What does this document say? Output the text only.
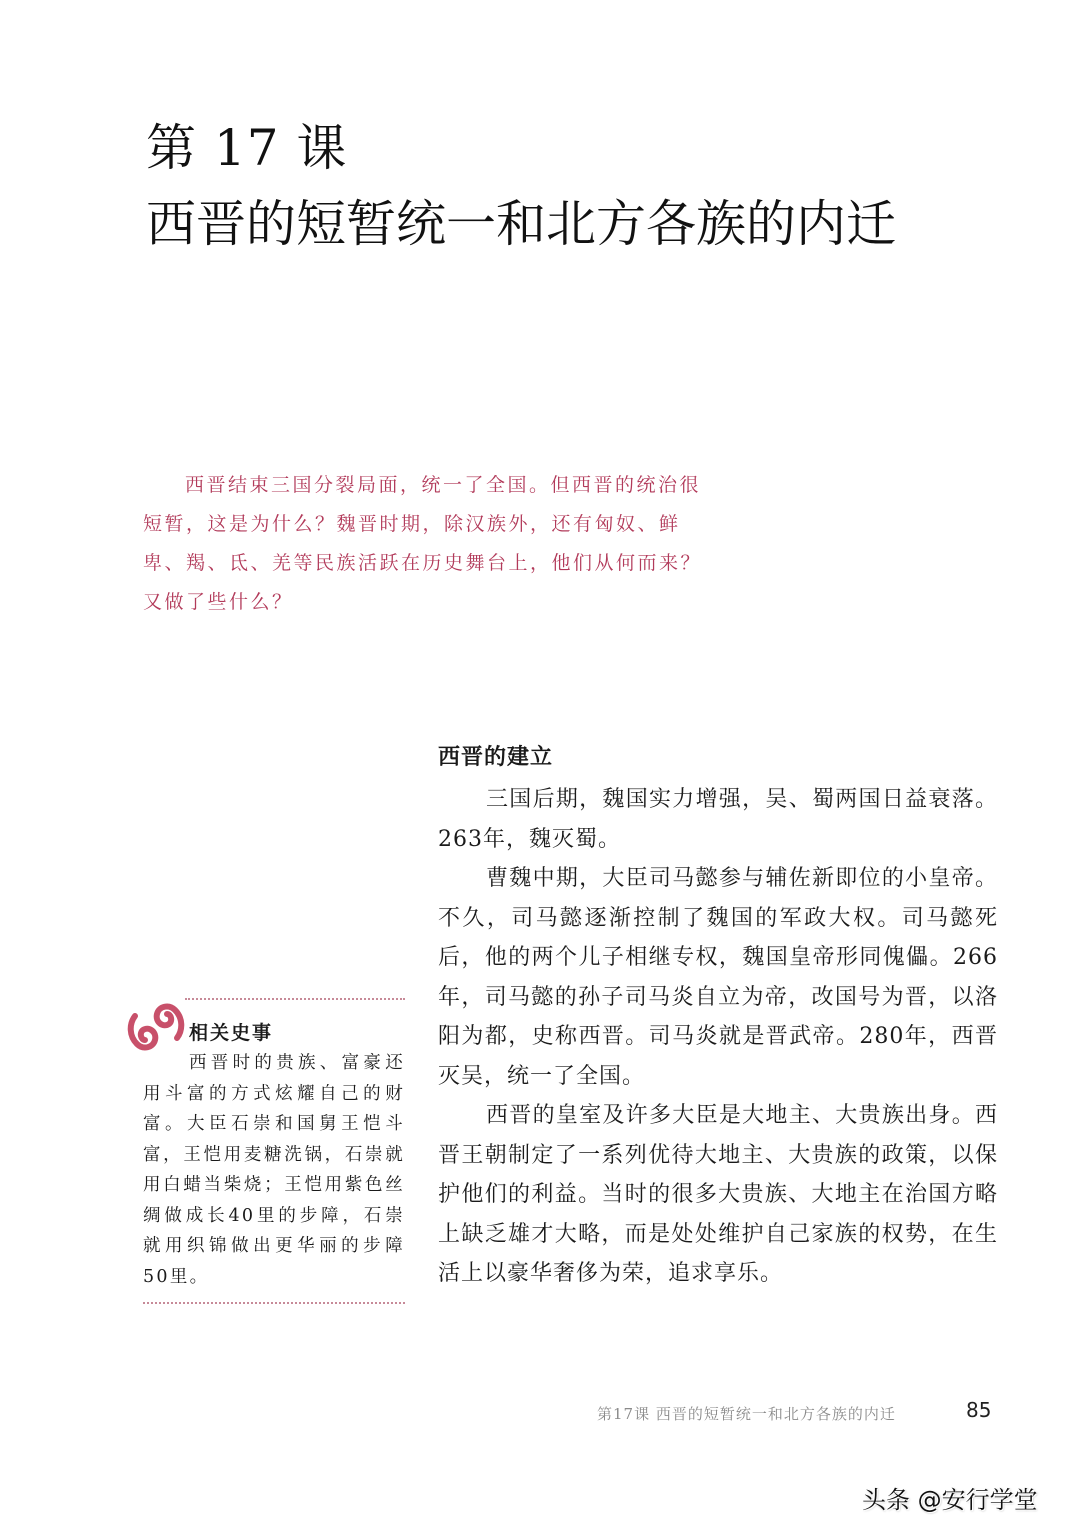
第 17 课
西晋的短暂统一和北方各族的内迁

西晋结束三国分裂局面，统一了全国。但西晋的统治很短暂，这是为什么？魏晋时期，除汉族外，还有匈奴、鲜卑、羯、氐、羌等民族活跃在历史舞台上，他们从何而来？又做了些什么？

西晋的建立

三国后期，魏国实力增强，吴、蜀两国日益衰落。263年，魏灭蜀。

曹魏中期，大臣司马懿参与辅佐新即位的小皇帝。不久，司马懿逐渐控制了魏国的军政大权。司马懿死后，他的两个儿子相继专权，魏国皇帝形同傀儡。266年，司马懿的孙子司马炎自立为帝，改国号为晋，以洛阳为都，史称西晋。司马炎就是晋武帝。280年，西晋灭吴，统一了全国。

西晋的皇室及许多大臣是大地主、大贵族出身。西晋王朝制定了一系列优待大地主、大贵族的政策，以保护他们的利益。当时的很多大贵族、大地主在治国方略上缺乏雄才大略，而是处处维护自己家族的权势，在生活上以豪华奢侈为荣，追求享乐。

相关史事

西晋时的贵族、富豪还用斗富的方式炫耀自己的财富。大臣石崇和国舅王恺斗富，王恺用麦糖洗锅，石崇就用白蜡当柴烧；王恺用紫色丝绸做成长40里的步障，石崇就用织锦做出更华丽的步障50里。

第17课 西晋的短暂统一和北方各族的内迁	85
头条 @安行学堂
